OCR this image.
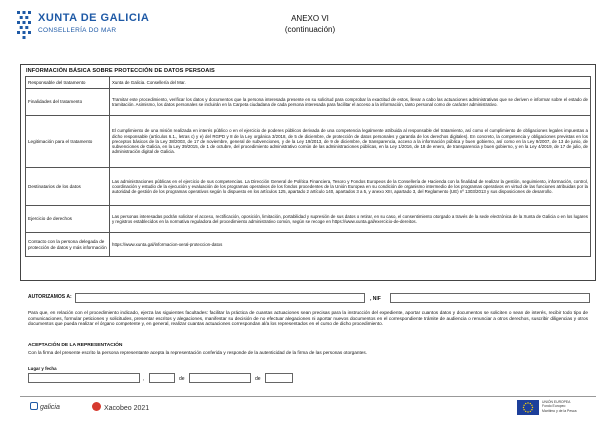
XUNTA DE GALICIA
CONSELLERÍA DO MAR
ANEXO VI
(continuación)
INFORMACIÓN BÁSICA SOBRE PROTECCIÓN DE DATOS PERSOAIS
Responsable del tratamento	Xunta de Galicia. Consellería del Mar.
Finalidades del tratamento	Tramitar este procedimiento, verificar los datos y documentos que la persona interesada presente en su solicitud para comprobar la exactitud de estos, llevar a cabo las actuaciones administrativas que se deriven e informar sobre el estado de tramitación. Asimismo, los datos personales se incluirán en la Carpeta ciudadana de cada persona interesada para facilitar el acceso a la información, tanto personal como de carácter administrativo.
Legitimación para el tratamento	El cumplimiento de una misión realizada en interés público o en el ejercicio de poderes públicos derivada de una competencia legalmente atribuida al responsable del tratamiento, así como el cumplimiento de obligaciones legales impuestas a dicho responsable (artículos 6.1., letras c) y e) del RGPD y 8 de la Ley orgánica 3/2018, de 5 de diciembre, de protección de datos personales y garantía de los derechos digitales). En concreto, la competencia y obligaciones previstas en los preceptos básicos de la Ley 38/2003, de 17 de noviembre, general de subvenciones, y de la Ley 19/2013, de 9 de diciembre, de transparencia, acceso a la información pública y buen gobierno, así como en la Ley 9/2007, de 13 de junio, de subvenciones de Galicia, en la Ley 39/2015, de 1 de octubre, del procedimiento administrativo común de las administraciones públicas, en la Ley 1/2016, de 18 de enero, de transparencia y buen gobierno, y en la Ley 4/2019, de 17 de julio, de administración digital de Galicia.
Destinatarios de los datos	Las administraciones públicas en el ejercicio de sus competencias. La Dirección General de Política Financiera, Tesoro y Fondos Europeos de la Consellería de Hacienda con la finalidad de realizar la gestión, seguimiento, información, control, coordinación y estudio de la ejecución y evaluación de los programas operativos de los fondos procedentes de la Unión Europea en su condición de organismo intermedio de los programas operativos en virtud de las funciones atribuidas por la autoridad de gestión de los programas operativos según lo dispuesto en los artículos 125, apartado 2 artículo 140, apartados 3 a 5, y anexo XIII, apartado 3, del Reglamento (UE) nº 1303/2013 y sus disposiciones de desarrollo.
Ejercicio de derechos	Las personas interesadas podrán solicitar el acceso, rectificación, oposición, limitación, portabilidad y supresión de sus datos o retirar, en su caso, el consentimiento otorgado a través de la sede electrónica de la Xunta de Galicia o en los lugares y registros establecidos en la normativa reguladora del procedimiento administrativo común, según se recoge en https://www.xunta.gal/exercicio-de-dereitos.
Contacto con la persona delegada de protección de datos y más información	https://www.xunta.gal/informacion-xeral-proteccion-datos
AUTORIZAMOS A:	, NIF
Para que, en relación con el procedimiento indicado, ejerza las siguientes facultades: facilitar la práctica de cuantas actuaciones sean precisas para la instrucción del expediente, aportar cuantos datos y documentos se soliciten o sean de interés, recibir todo tipo de comunicaciones, formular peticiones y solicitudes, presentar escritos y alegaciones, manifestar su decisión de no efectuar alegaciones ni aportar nuevos documentos en el correspondiente trámite de audiencia o renunciar a otros derechos, suscribir diligencias y otros documentos que pueda realizar el órgano competente y, en general, realizar cuantas actuaciones correspondan al/a los representados en el curso de dicho procedimiento.
ACEPTACIÓN DE LA REPRESENTACIÓN
Con la firma del presente escrito la persona representante acepta la representación conferida y responde de la autenticidad de la firma de las personas otorgantes.
Lugar y fecha
,	de	de
galicia	Xacobeo 2021
UNIÓN EUROPEA
Fondo Europeo
Marítimo y de la Pesca
